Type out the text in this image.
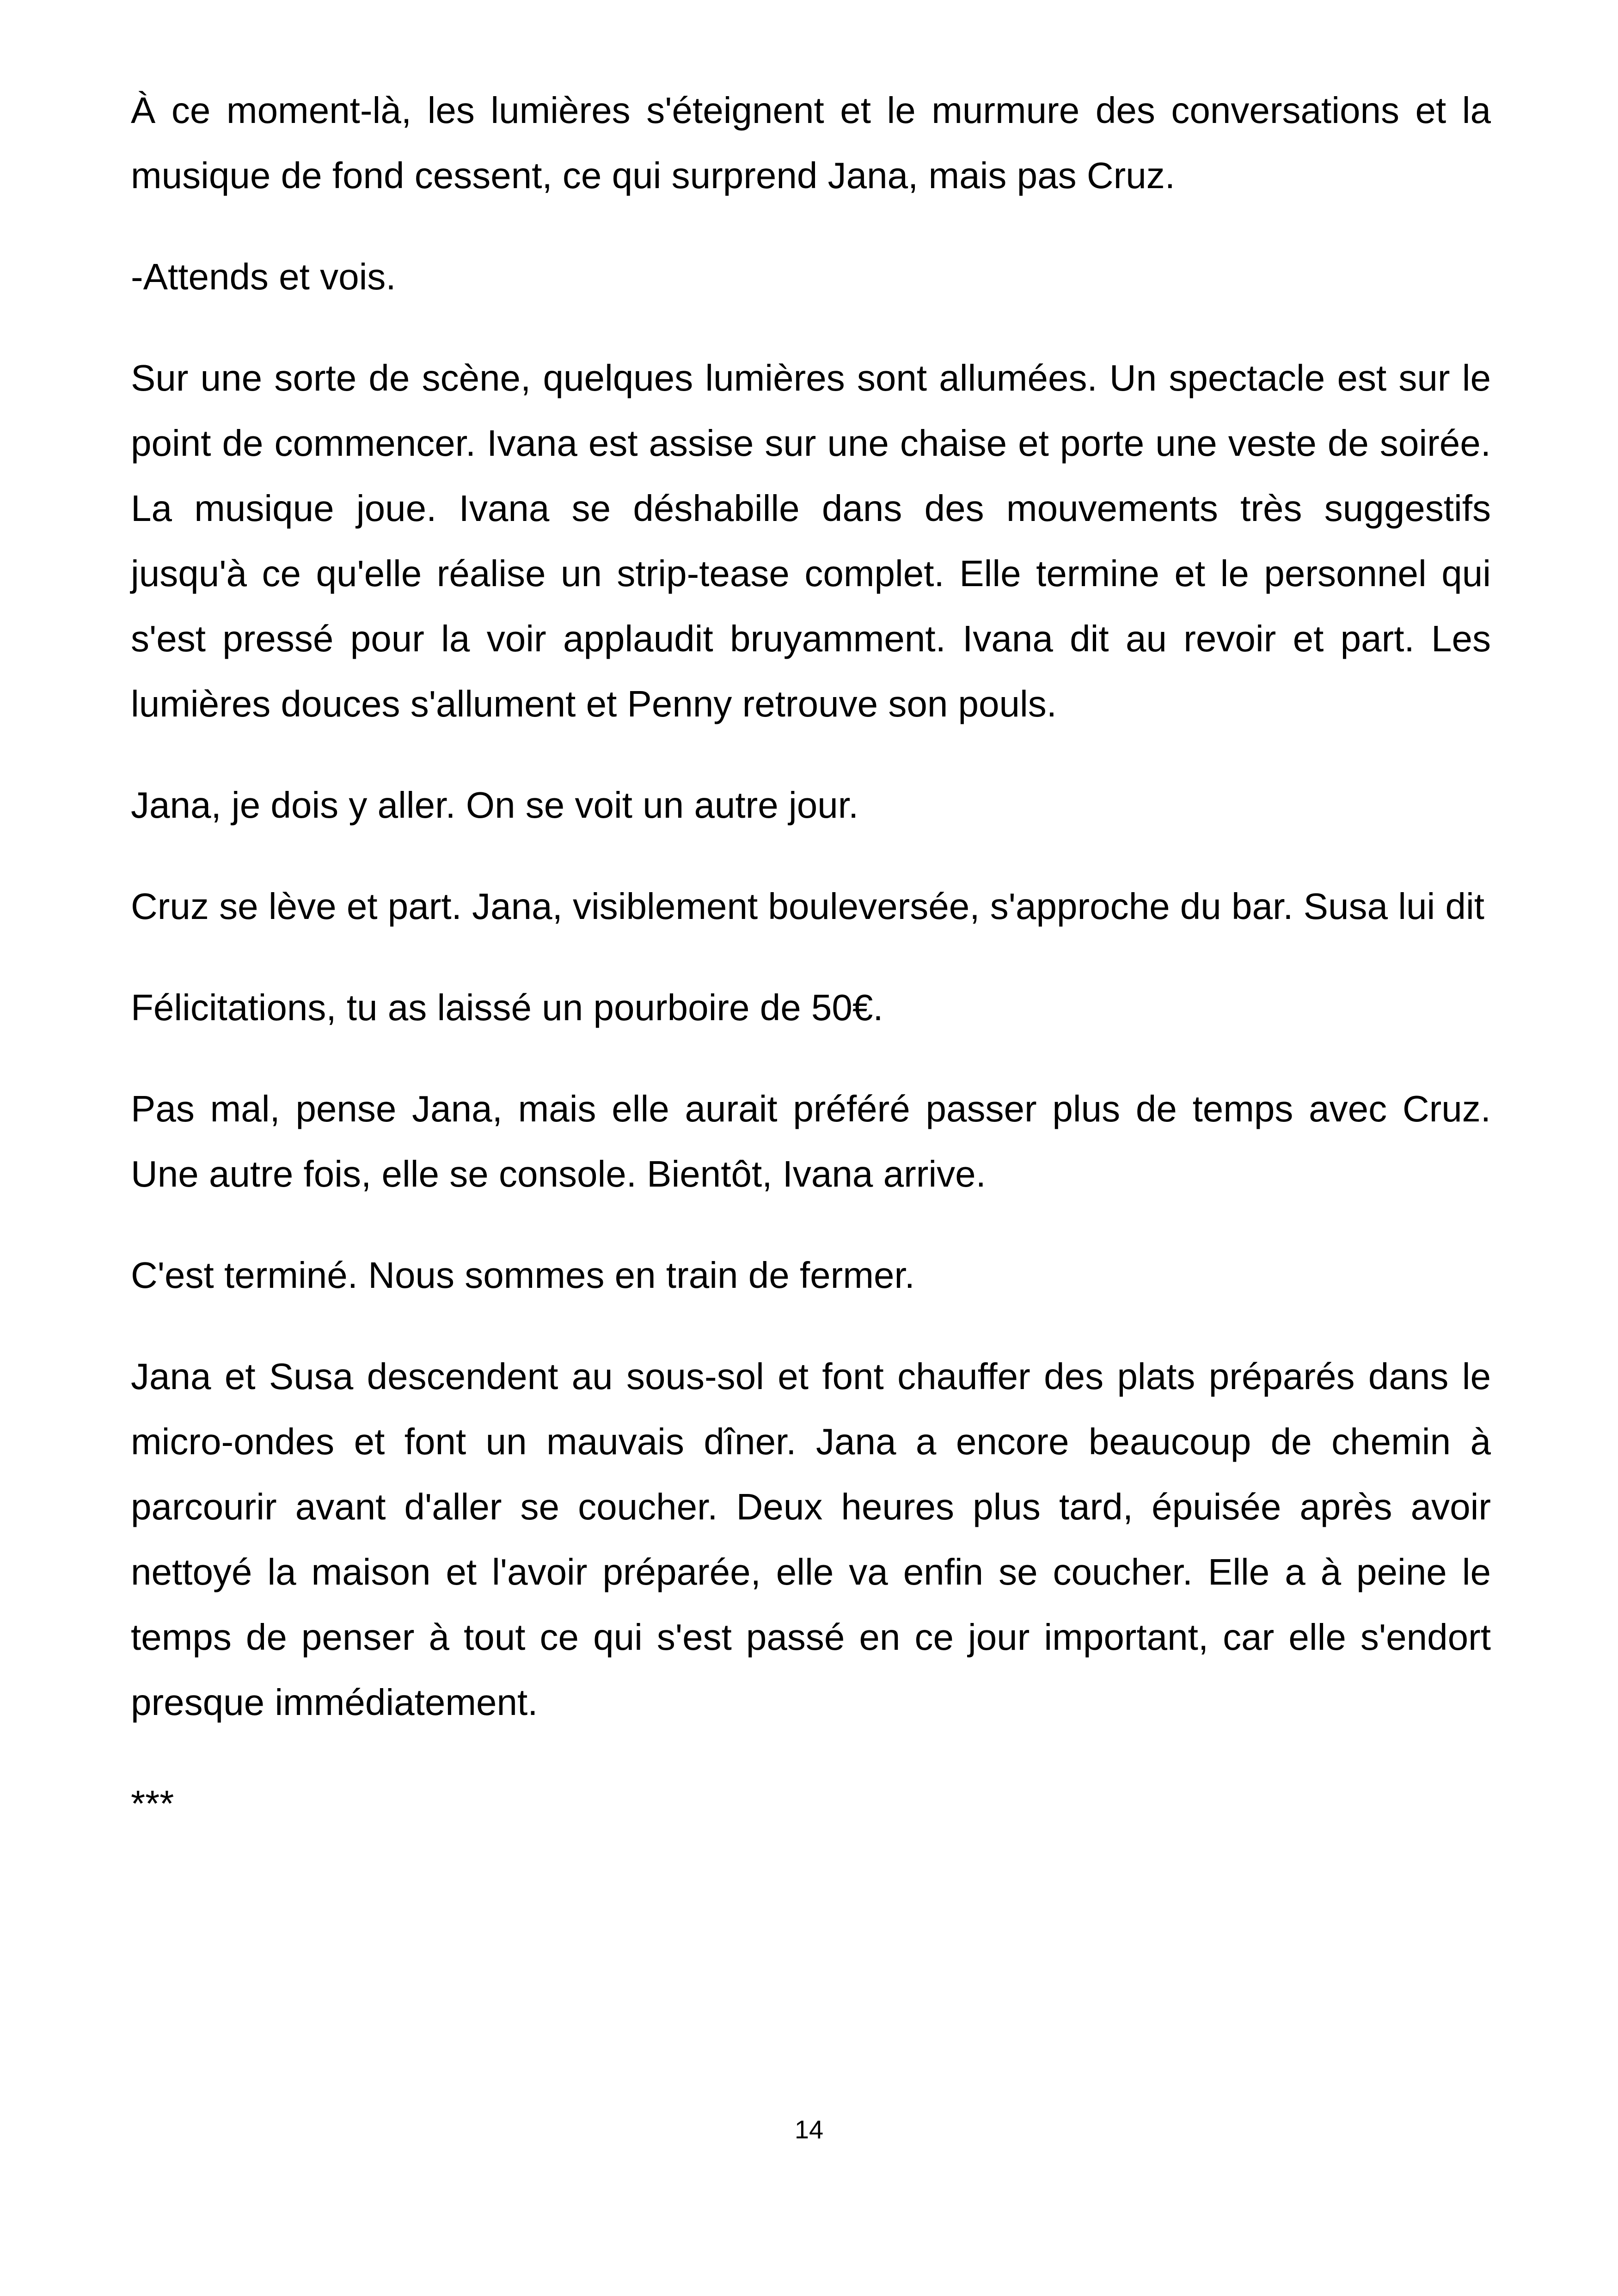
À ce moment-là, les lumières s'éteignent et le murmure des conversations et la musique de fond cessent, ce qui surprend Jana, mais pas Cruz.

-Attends et vois.

Sur une sorte de scène, quelques lumières sont allumées. Un spectacle est sur le point de commencer. Ivana est assise sur une chaise et porte une veste de soirée. La musique joue. Ivana se déshabille dans des mouvements très suggestifs jusqu'à ce qu'elle réalise un strip-tease complet. Elle termine et le personnel qui s'est pressé pour la voir applaudit bruyamment. Ivana dit au revoir et part. Les lumières douces s'allument et Penny retrouve son pouls.

Jana, je dois y aller. On se voit un autre jour.

Cruz se lève et part. Jana, visiblement bouleversée, s'approche du bar. Susa lui dit

Félicitations, tu as laissé un pourboire de 50€.

Pas mal, pense Jana, mais elle aurait préféré passer plus de temps avec Cruz. Une autre fois, elle se console. Bientôt, Ivana arrive.

C'est terminé. Nous sommes en train de fermer.

Jana et Susa descendent au sous-sol et font chauffer des plats préparés dans le micro-ondes et font un mauvais dîner. Jana a encore beaucoup de chemin à parcourir avant d'aller se coucher. Deux heures plus tard, épuisée après avoir nettoyé la maison et l'avoir préparée, elle va enfin se coucher. Elle a à peine le temps de penser à tout ce qui s'est passé en ce jour important, car elle s'endort presque immédiatement.

***

14
